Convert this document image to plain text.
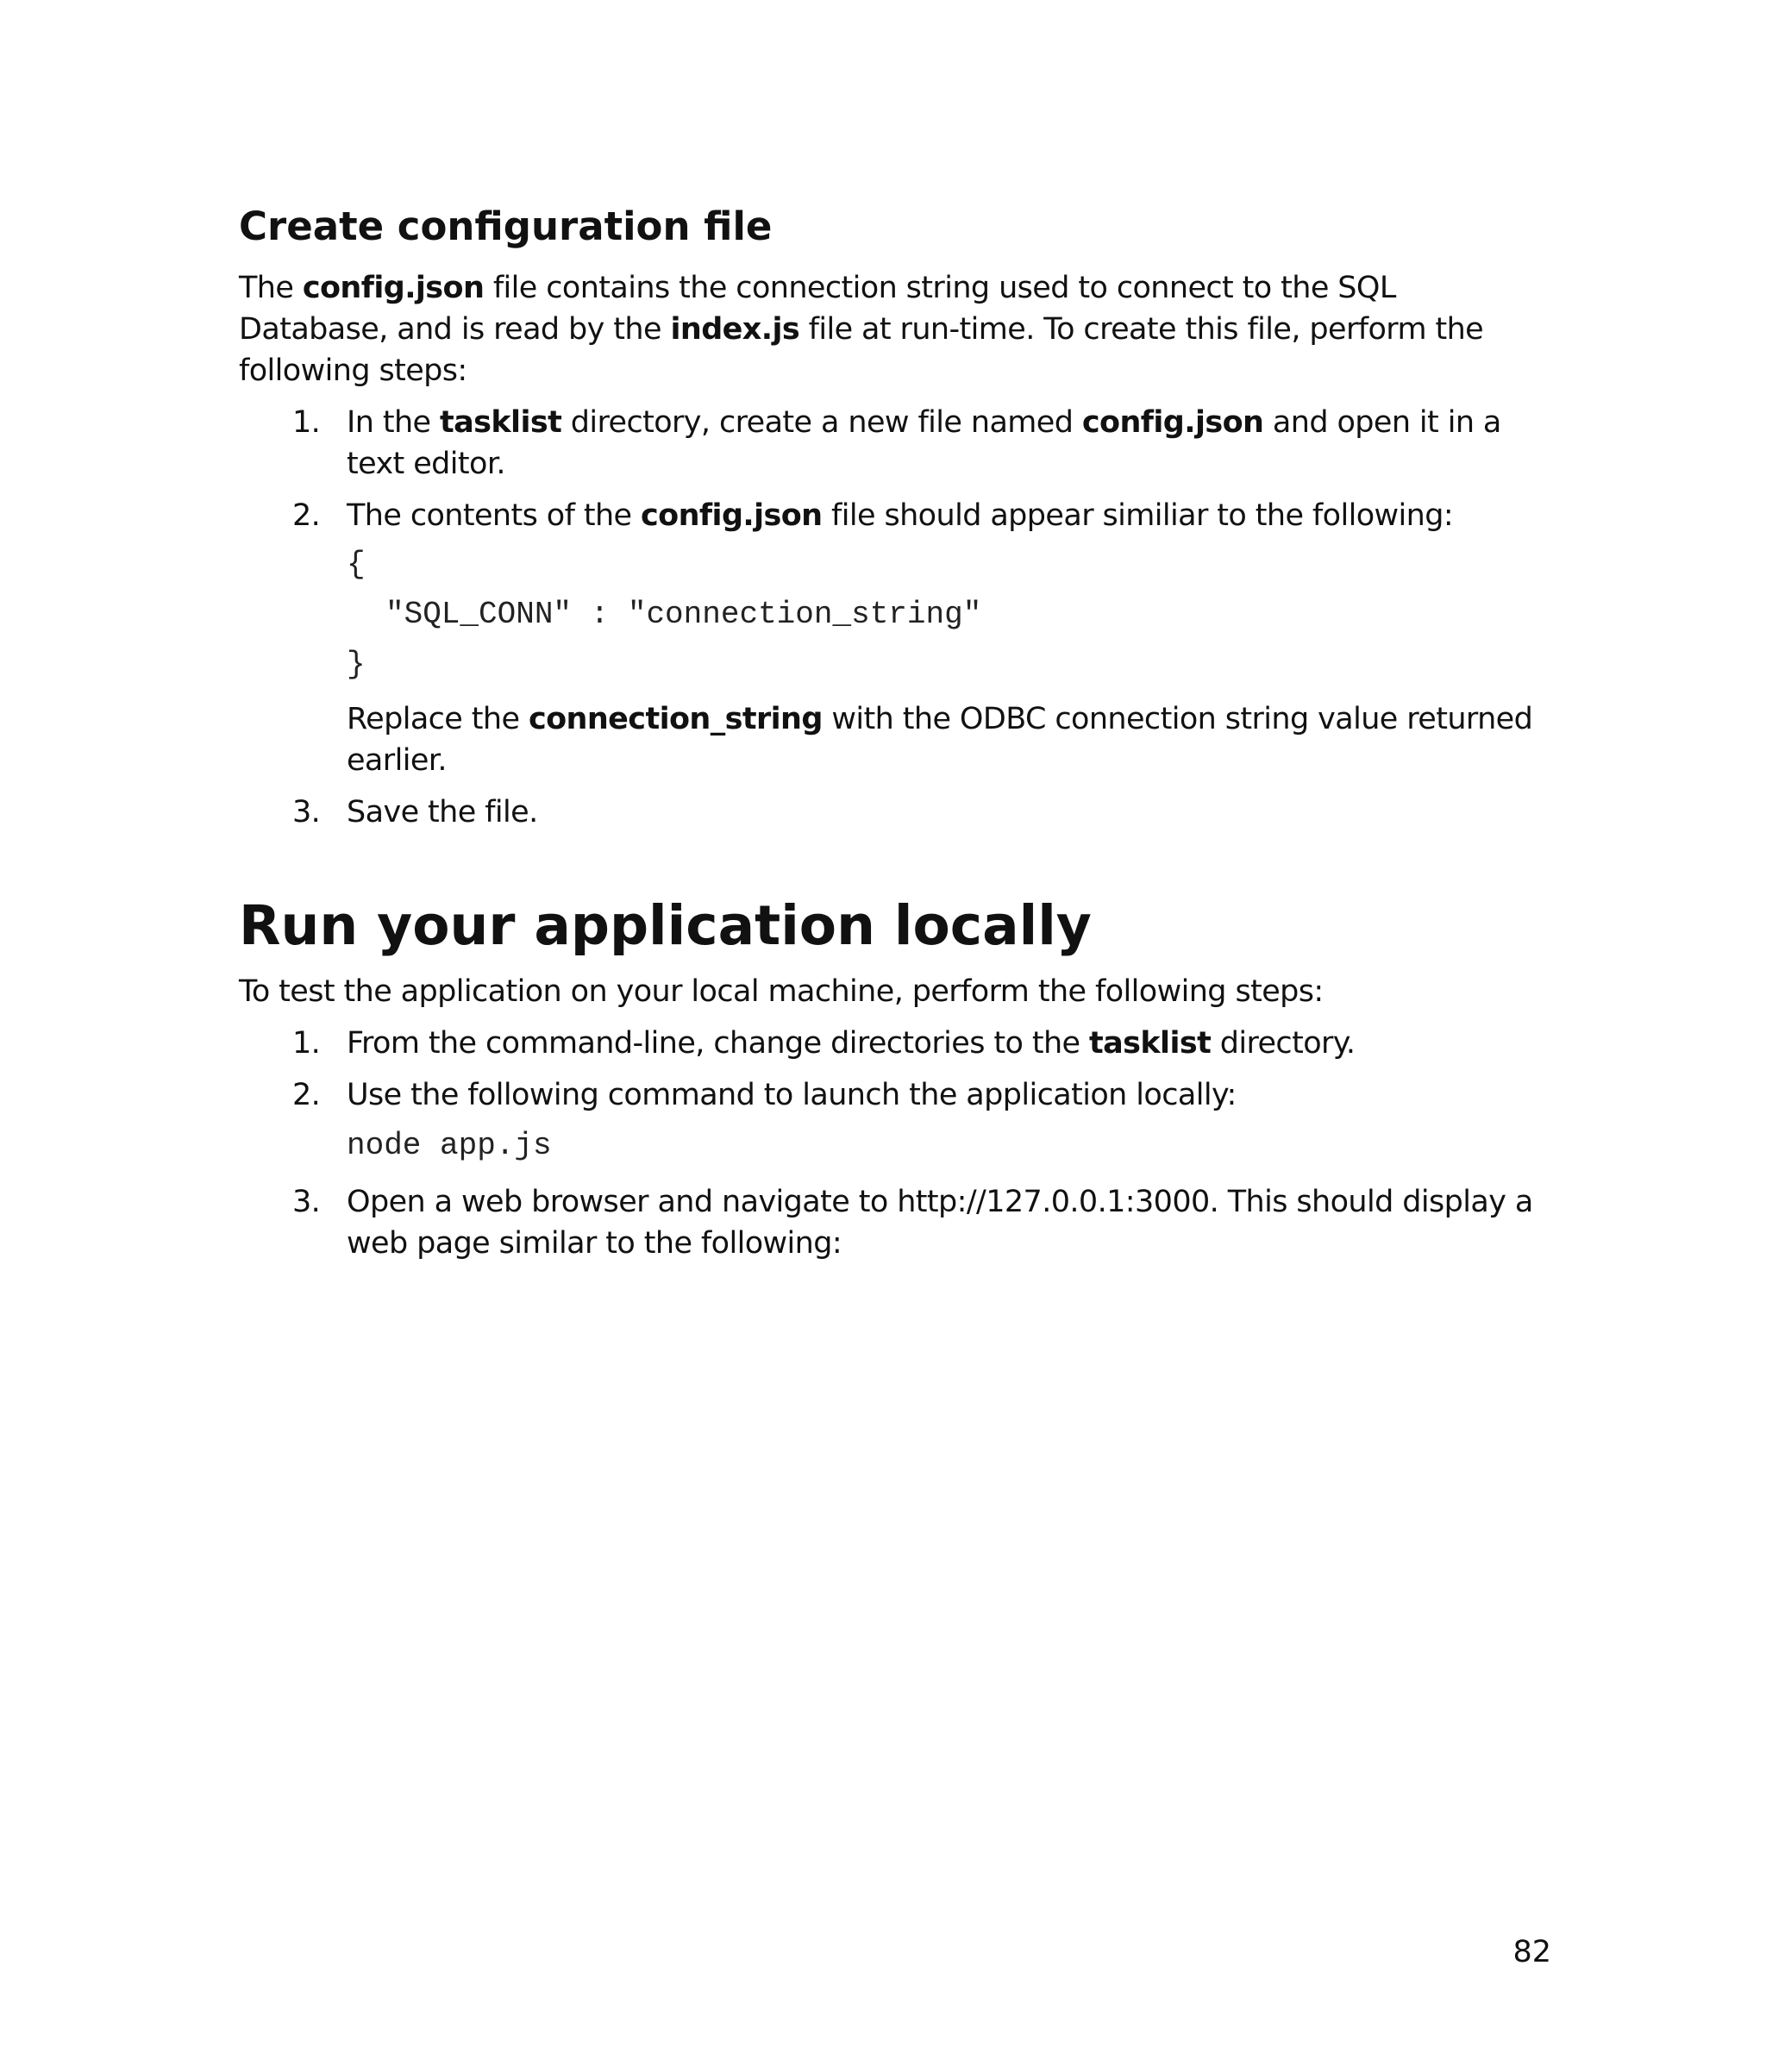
Create configuration file

The config.json file contains the connection string used to connect to the SQL Database, and is read by the index.js file at run-time. To create this file, perform the following steps:

1. In the tasklist directory, create a new file named config.json and open it in a text editor.
2. The contents of the config.json file should appear similiar to the following:
{
"SQL_CONN" : "connection_string"
}
Replace the connection_string with the ODBC connection string value returned earlier.
3. Save the file.
Run your application locally

To test the application on your local machine, perform the following steps:

1. From the command-line, change directories to the tasklist directory.
2. Use the following command to launch the application locally:
node app.js
3. Open a web browser and navigate to http://127.0.0.1:3000. This should display a web page similar to the following:
82
